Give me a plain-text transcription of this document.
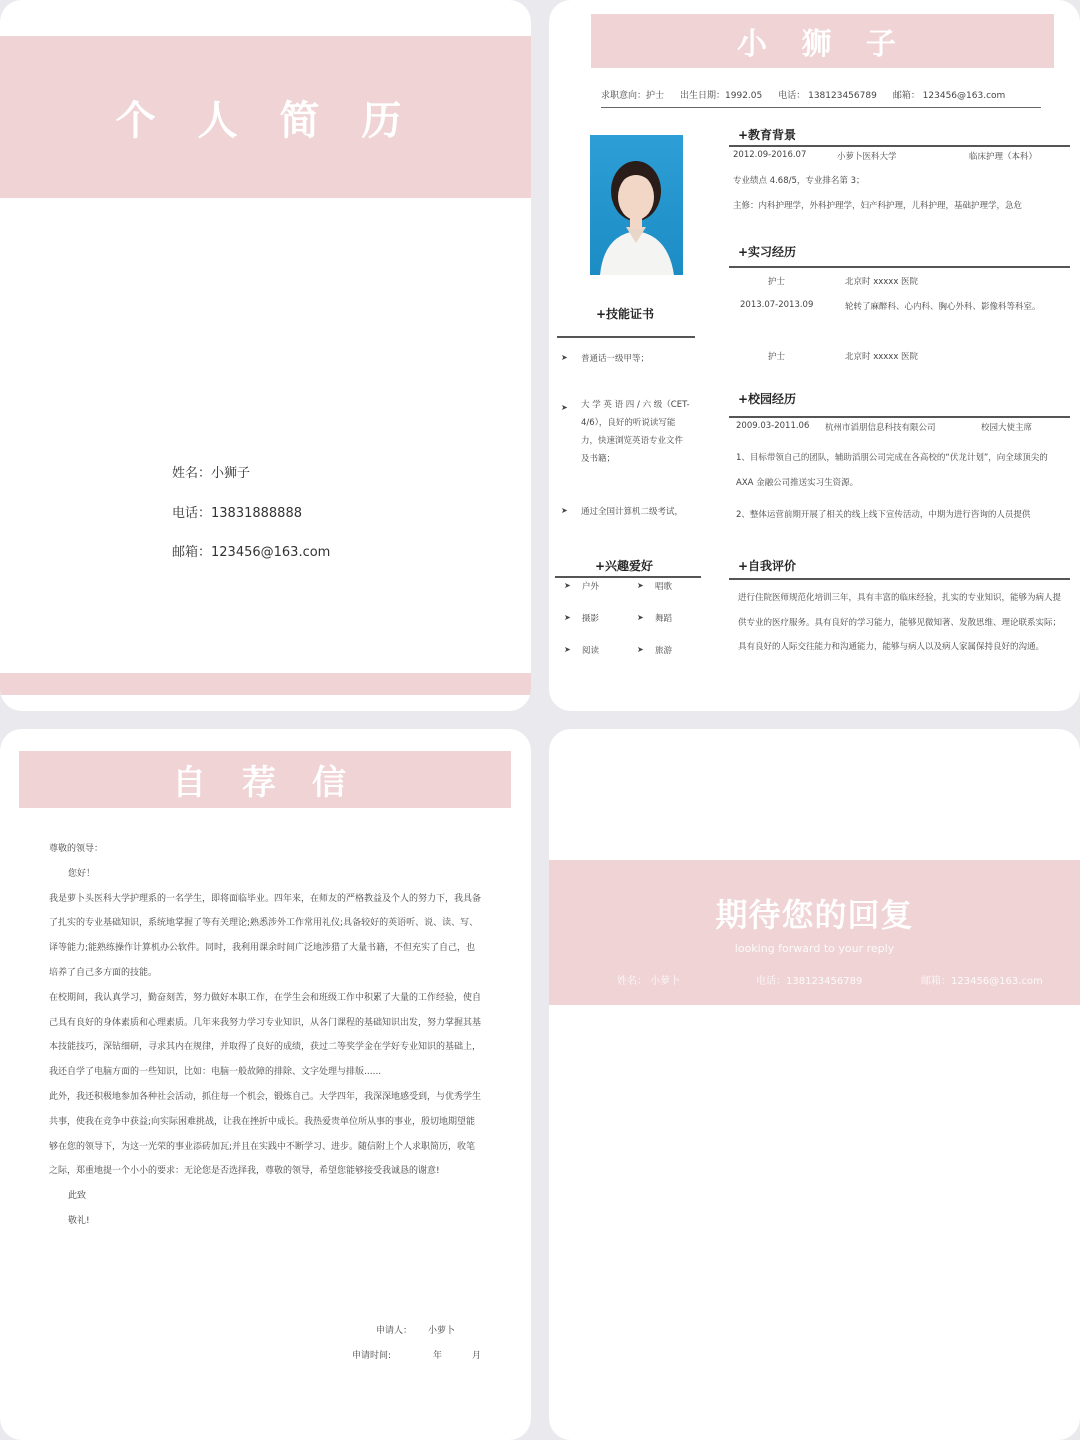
个 人 简 历
姓名：小狮子
电话：13831888888
邮箱：123456@163.com
小 狮 子
求职意向：护士 出生日期：1992.05 电话： 138123456789 邮箱： 123456@163.com
+技能证书
➤ 普通话一级甲等；
➤ 大 学 英 语 四 / 六 级（CET-4/6），良好的听说读写能力，快速浏览英语专业文件及书籍；
➤ 通过全国计算机二级考试，
+兴趣爱好
➤ 户外	➤ 唱歌
➤ 摄影	➤ 舞蹈
➤ 阅读	➤ 旅游
+教育背景
2012.09-2016.07	小萝卜医科大学	临床护理（本科）
专业绩点 4.68/5，专业排名第 3；
主修：内科护理学，外科护理学，妇产科护理，儿科护理，基础护理学，急危
+实习经历
护士	北京时 xxxxx 医院
2013.07-2013.09	轮转了麻醉科、心内科、胸心外科、影像科等科室。
护士	北京时 xxxxx 医院
+校园经历
2009.03-2011.06 杭州市滔朋信息科技有限公司	校园大使主席
1、目标带领自己的团队，辅助滔朋公司完成在各高校的“伏龙计划”，向全球顶尖的 AXA 金融公司推送实习生资源。
2、整体运营前期开展了相关的线上线下宣传活动，中期为进行咨询的人员提供
+自我评价
进行住院医师规范化培训三年，具有丰富的临床经验，扎实的专业知识，能够为病人提供专业的医疗服务。具有良好的学习能力，能够见微知著、发散思维、理论联系实际；具有良好的人际交往能力和沟通能力，能够与病人以及病人家属保持良好的沟通。
自 荐 信

尊敬的领导：

您好！

我是萝卜头医科大学护理系的一名学生，即将面临毕业。四年来，在师友的严格教益及个人的努力下，我具备了扎实的专业基础知识，系统地掌握了等有关理论;熟悉涉外工作常用礼仪;具备较好的英语听、说、读、写、译等能力;能熟练操作计算机办公软件。同时，我利用课余时间广泛地涉猎了大量书籍，不但充实了自己，也培养了自己多方面的技能。

在校期间，我认真学习，勤奋刻苦，努力做好本职工作，在学生会和班级工作中积累了大量的工作经验，使自己具有良好的身体素质和心理素质。几年来我努力学习专业知识，从各门课程的基础知识出发，努力掌握其基本技能技巧，深钻细研，寻求其内在规律，并取得了良好的成绩，获过二等奖学金在学好专业知识的基础上，我还自学了电脑方面的一些知识，比如：电脑一般故障的排除、文字处理与排版......

此外，我还积极地参加各种社会活动，抓住每一个机会，锻炼自己。大学四年，我深深地感受到，与优秀学生共事，使我在竞争中获益;向实际困难挑战，让我在挫折中成长。我热爱贵单位所从事的事业，殷切地期望能够在您的领导下，为这一光荣的事业添砖加瓦;并且在实践中不断学习、进步。随信附上个人求职简历，收笔之际，郑重地提一个小小的要求：无论您是否选择我，尊敬的领导，希望您能够接受我诚恳的谢意!

此致

敬礼!

申请人： 小萝卜
申请时间:	年	月
期待您的回复
looking forward to your reply
姓名： 小萝卜	电话：138123456789	邮箱：123456@163.com
